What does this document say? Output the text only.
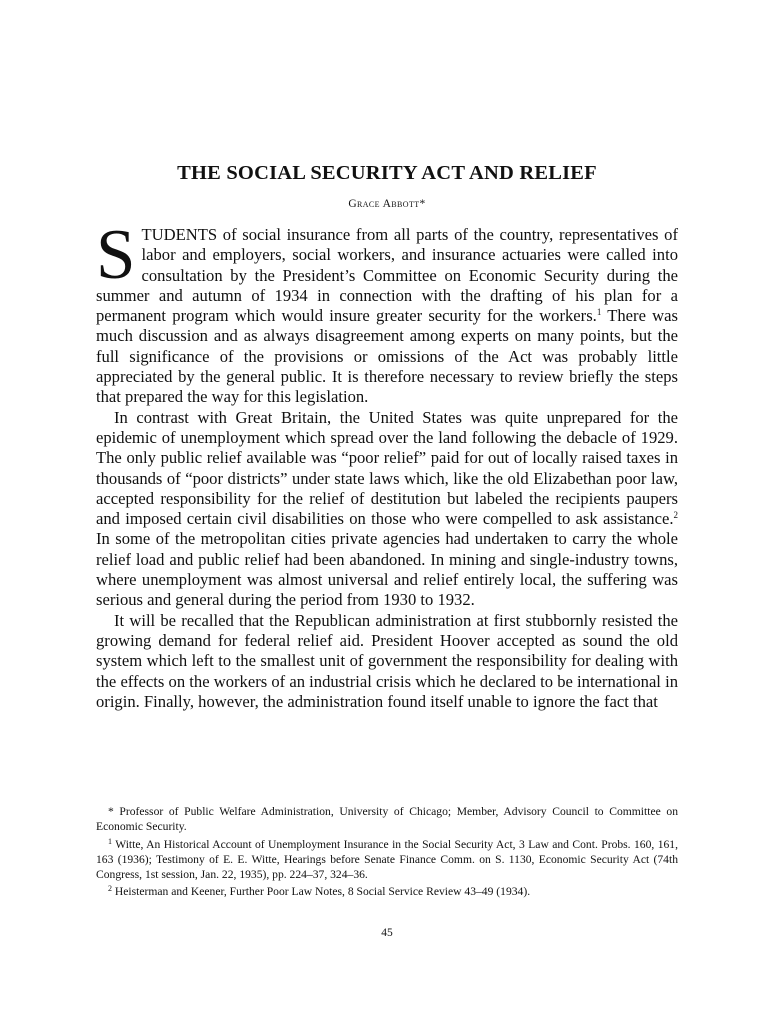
THE SOCIAL SECURITY ACT AND RELIEF
Grace Abbott*

STUDENTS of social insurance from all parts of the country, representatives of labor and employers, social workers, and insurance actuaries were called into consultation by the President’s Committee on Economic Security during the summer and autumn of 1934 in connection with the drafting of his plan for a permanent program which would insure greater security for the workers.$^1$ There was much discussion and as always disagreement among experts on many points, but the full significance of the provisions or omissions of the Act was probably little appreciated by the general public. It is therefore necessary to review briefly the steps that prepared the way for this legislation.

In contrast with Great Britain, the United States was quite unprepared for the epidemic of unemployment which spread over the land following the debacle of 1929. The only public relief available was “poor relief” paid for out of locally raised taxes in thousands of “poor districts” under state laws which, like the old Elizabethan poor law, accepted responsibility for the relief of destitution but labeled the recipients paupers and imposed certain civil disabilities on those who were compelled to ask assistance.$^2$ In some of the metropolitan cities private agencies had undertaken to carry the whole relief load and public relief had been abandoned. In mining and single-industry towns, where unemployment was almost universal and relief entirely local, the suffering was serious and general during the period from 1930 to 1932.

It will be recalled that the Republican administration at first stubbornly resisted the growing demand for federal relief aid. President Hoover accepted as sound the old system which left to the smallest unit of government the responsibility for dealing with the effects on the workers of an industrial crisis which he declared to be international in origin. Finally, however, the administration found itself unable to ignore the fact that

* Professor of Public Welfare Administration, University of Chicago; Member, Advisory Council to Committee on Economic Security.

$^1$ Witte, An Historical Account of Unemployment Insurance in the Social Security Act, 3 Law and Cont. Probs. 160, 161, 163 (1936); Testimony of E. E. Witte, Hearings before Senate Finance Comm. on S. 1130, Economic Security Act (74th Congress, 1st session, Jan. 22, 1935), pp. 224–37, 324–36.

$^2$ Heisterman and Keener, Further Poor Law Notes, 8 Social Service Review 43–49 (1934).

45
